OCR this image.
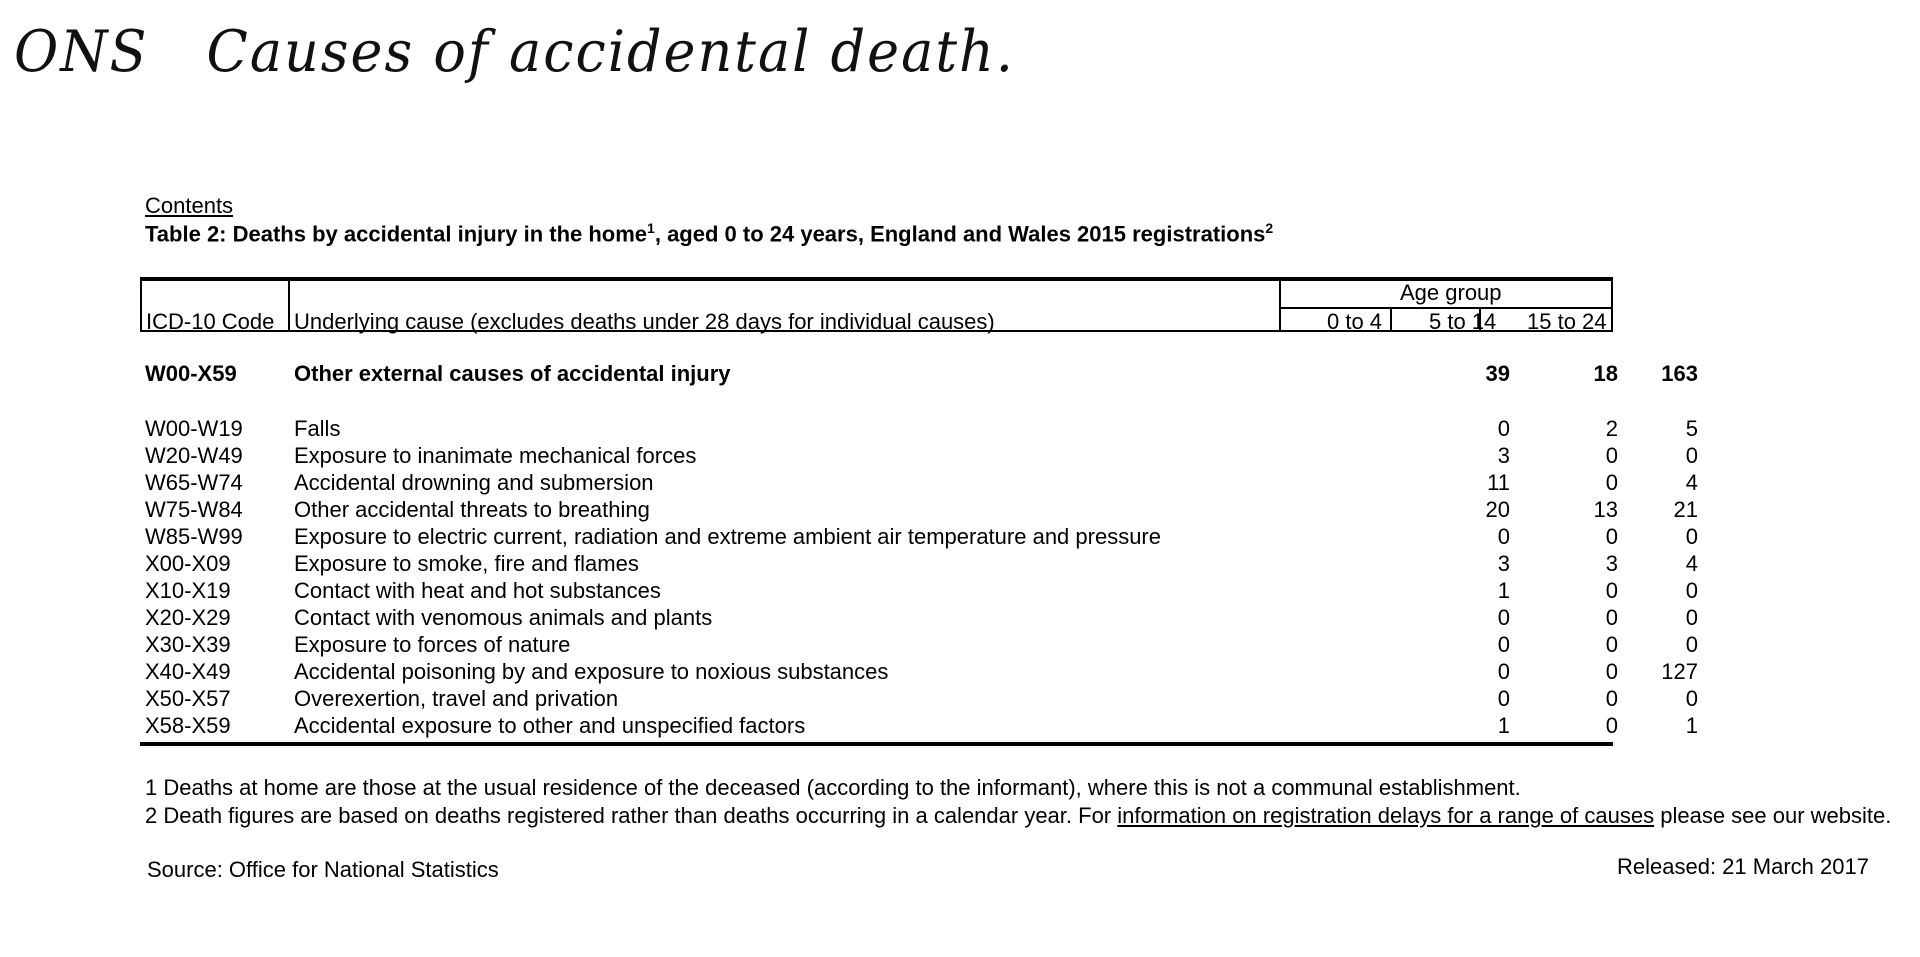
ONS Causes of accidental death.
Contents
Table 2: Deaths by accidental injury in the home$^1$, aged 0 to 24 years, England and Wales 2015 registrations$^2$
ICD-10 Code Underlying cause (excludes deaths under 28 days for individual causes)
Age group
0 to 4 5 to 14 15 to 24
W00-X59	Other external causes of accidental injury	39	18	163
W00-W19 Falls	0	2	5
W20-W49 Exposure to inanimate mechanical forces	3	0	0
W65-W74 Accidental drowning and submersion	11	0	4
W75-W84 Other accidental threats to breathing	20	13	21
W85-W99 Exposure to electric current, radiation and extreme ambient air temperature and pressure	0	0	0
X00-X09	Exposure to smoke, fire and flames	3	3	4
X10-X19	Contact with heat and hot substances	1	0	0
X20-X29	Contact with venomous animals and plants	0	0	0
X30-X39	Exposure to forces of nature	0	0	0
X40-X49	Accidental poisoning by and exposure to noxious substances	0	0	127
X50-X57	Overexertion, travel and privation	0	0	0
X58-X59	Accidental exposure to other and unspecified factors	1	0	1
1 Deaths at home are those at the usual residence of the deceased (according to the informant), where this is not a communal establishment.
2 Death figures are based on deaths registered rather than deaths occurring in a calendar year. For information on registration delays for a range of causes please see our website.
Source: Office for National Statistics	Released: 21 March 2017
